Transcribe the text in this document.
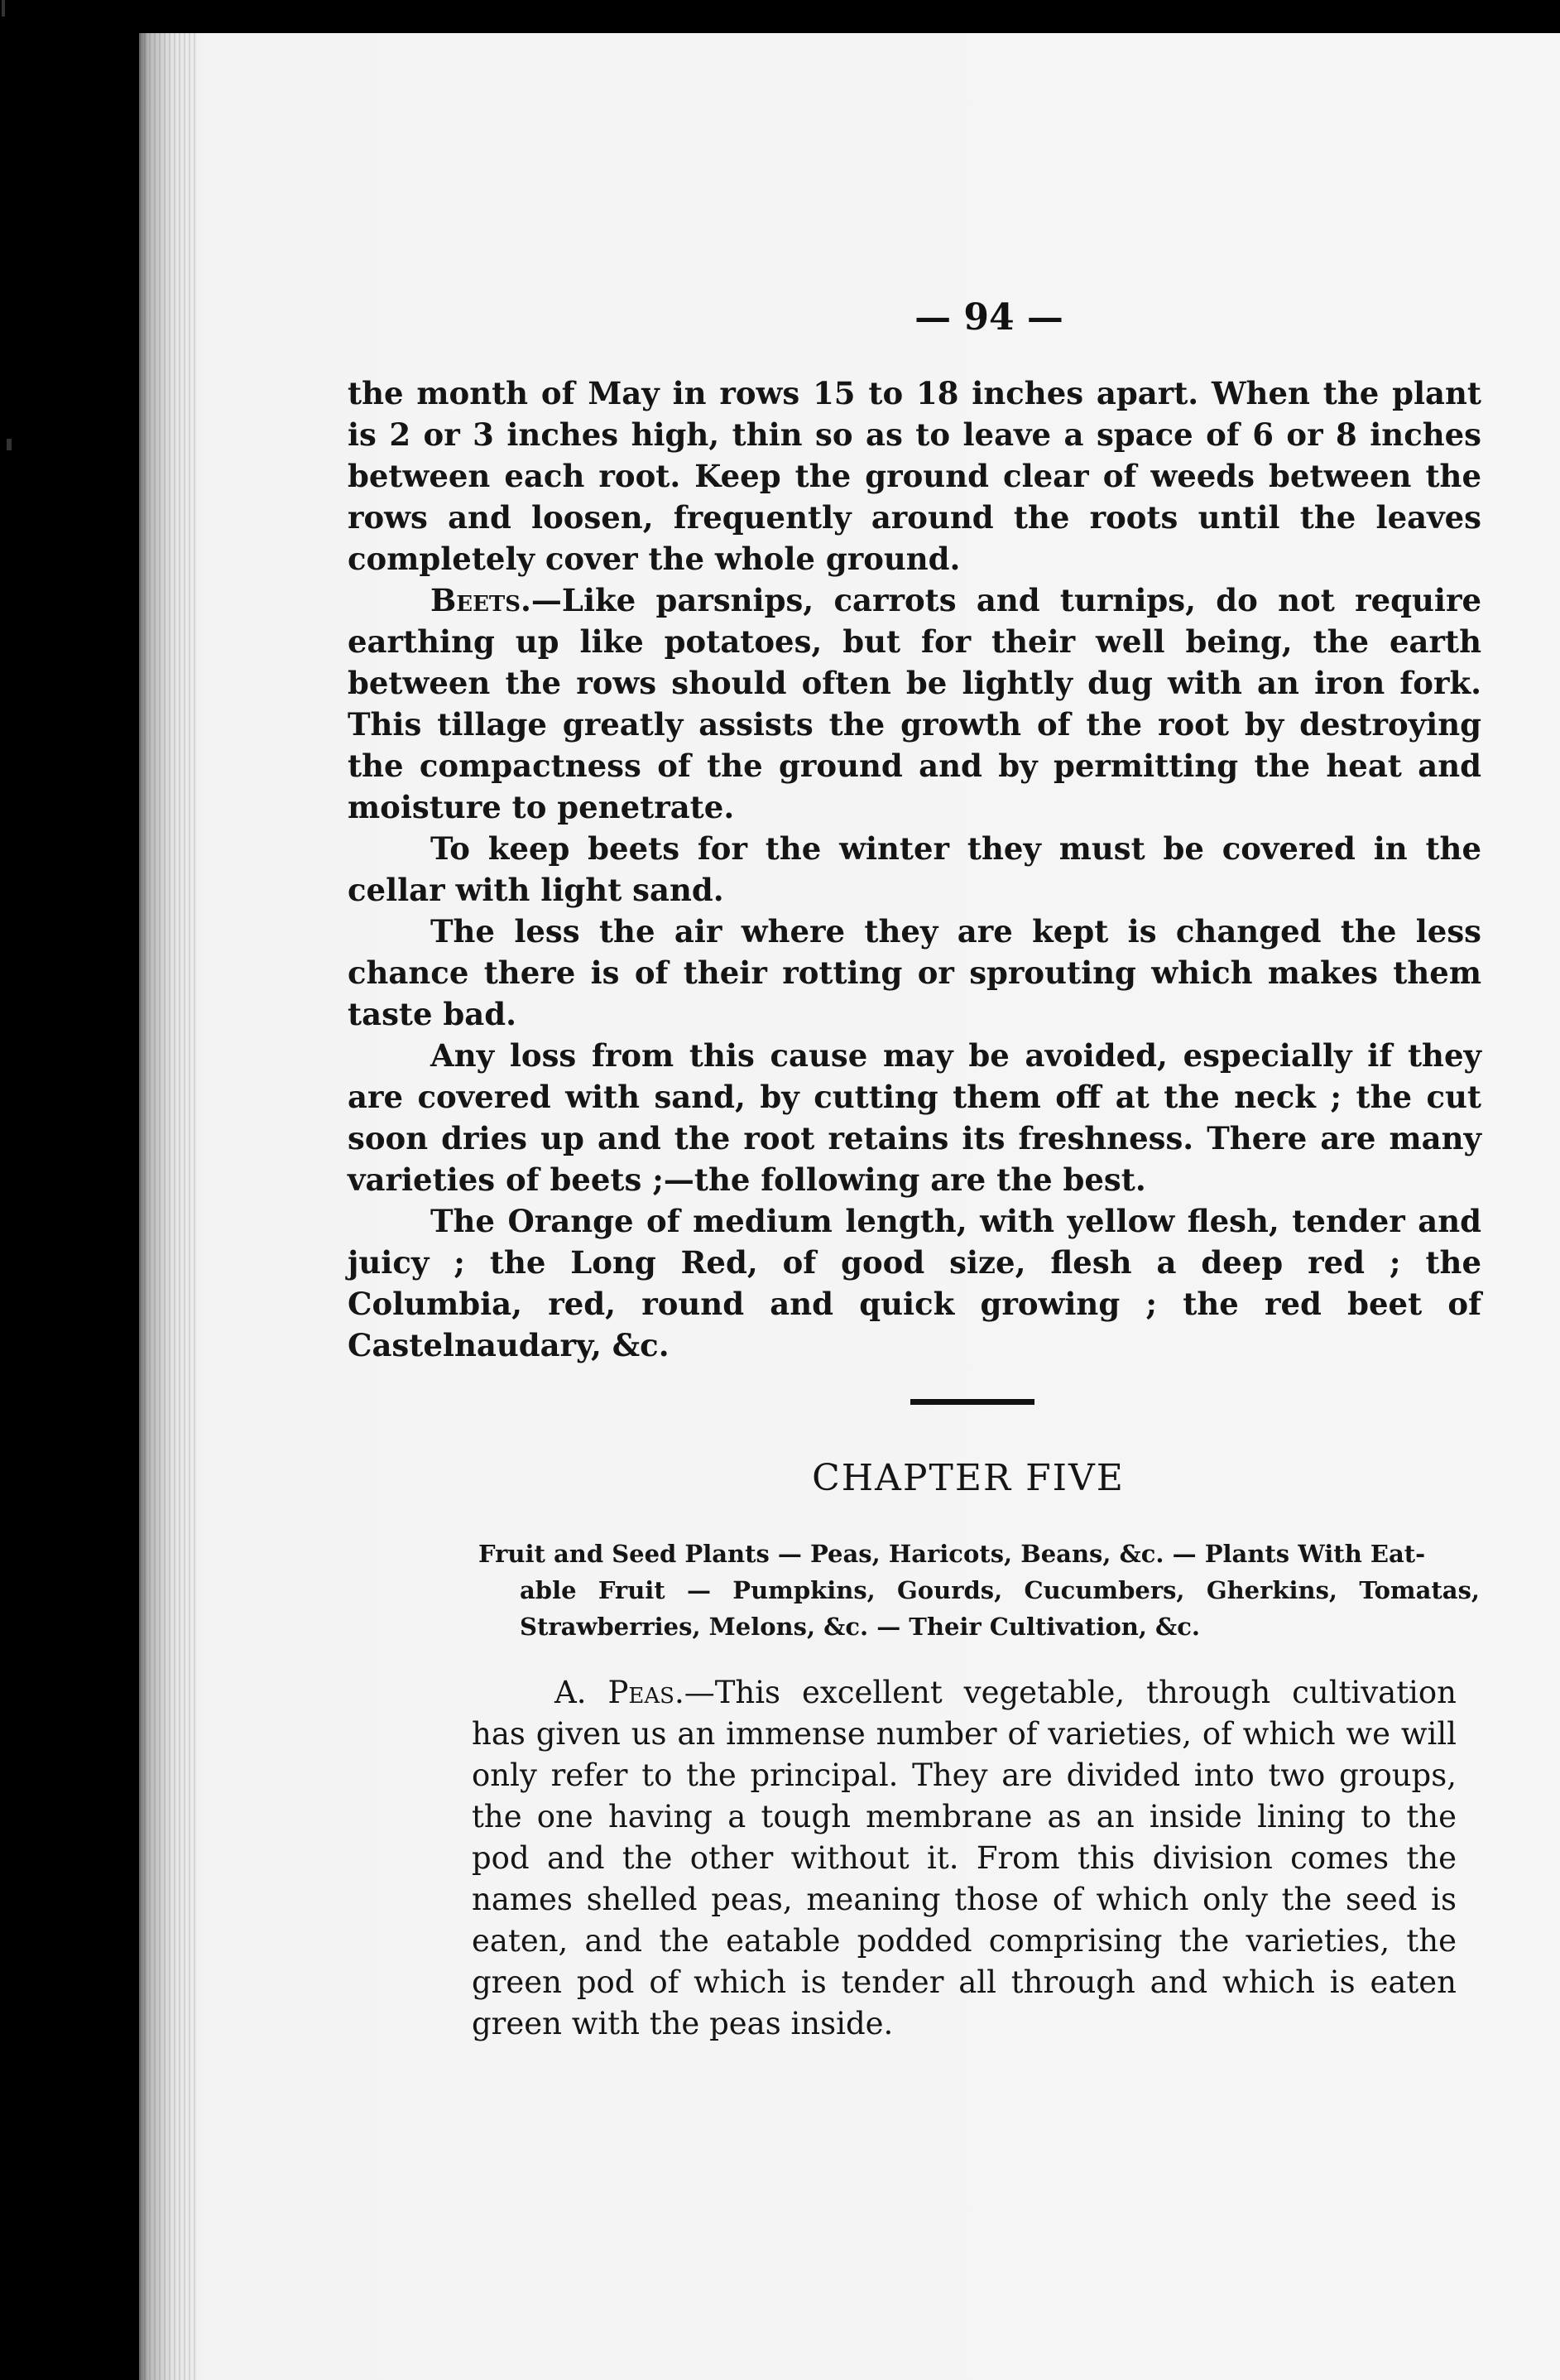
— 94 —

the month of May in rows 15 to 18 inches apart. When the plant is 2 or 3 inches high, thin so as to leave a space of 6 or 8 inches between each root. Keep the ground clear of weeds between the rows and loosen, frequently around the roots until the leaves completely cover the whole ground.

Beets.—Like parsnips, carrots and turnips, do not require earthing up like potatoes, but for their well being, the earth between the rows should often be lightly dug with an iron fork. This tillage greatly assists the growth of the root by destroying the compactness of the ground and by permitting the heat and moisture to penetrate.

To keep beets for the winter they must be covered in the cellar with light sand.

The less the air where they are kept is changed the less chance there is of their rotting or sprouting which makes them taste bad.

Any loss from this cause may be avoided, especially if they are covered with sand, by cutting them off at the neck ; the cut soon dries up and the root retains its freshness. There are many varieties of beets ;—the following are the best.

The Orange of medium length, with yellow flesh, tender and juicy ; the Long Red, of good size, flesh a deep red ; the Columbia, red, round and quick growing ; the red beet of Castelnaudary, &c.

CHAPTER FIVE
Fruit and Seed Plants — Peas, Haricots, Beans, &c. — Plants With Eat-
able Fruit — Pumpkins, Gourds, Cucumbers, Gherkins, Tomatas, Strawberries, Melons, &c. — Their Cultivation, &c.

A. Peas.—This excellent vegetable, through cultivation has given us an immense number of varieties, of which we will only refer to the principal. They are divided into two groups, the one having a tough membrane as an inside lining to the pod and the other without it. From this division comes the names shelled peas, meaning those of which only the seed is eaten, and the eatable podded comprising the varieties, the green pod of which is tender all through and which is eaten green with the peas inside.
